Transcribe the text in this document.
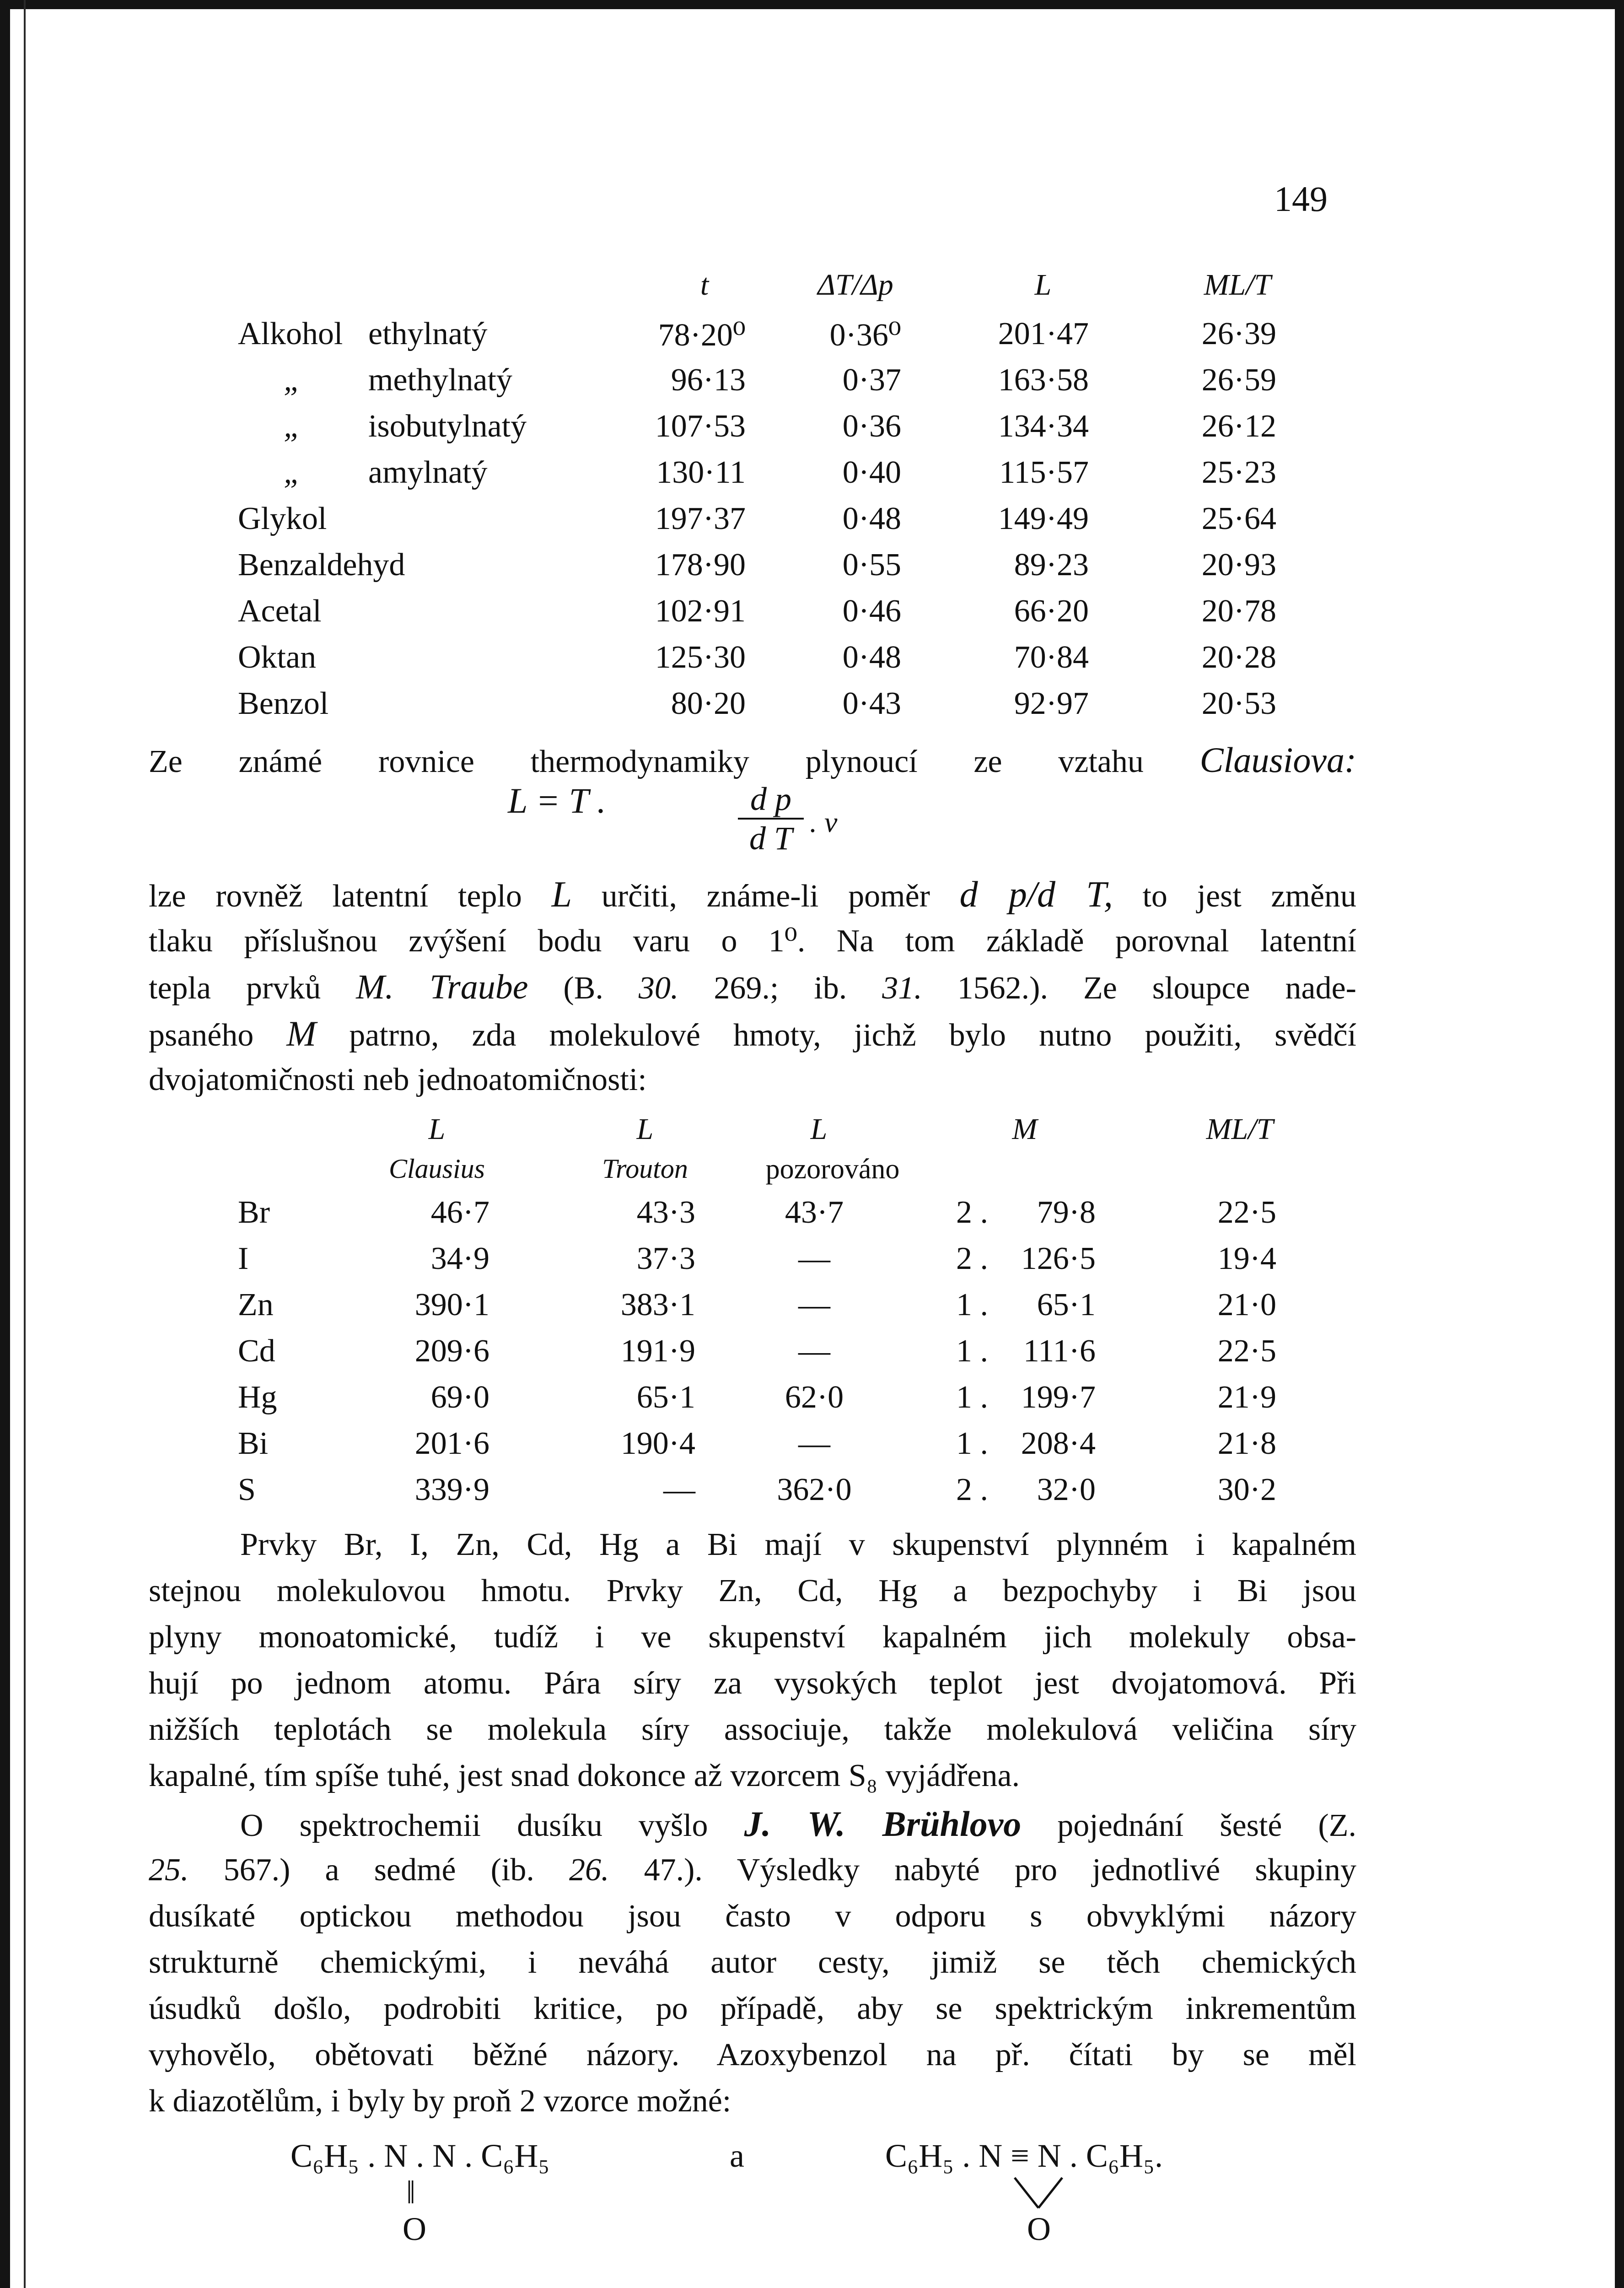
149
t	ΔT/Δp	L	ML/T
Alkohol ethylnatý	78·20⁰	0·36⁰	201·47	26·39
„	methylnatý	96·13	0·37	163·58	26·59
„	isobutylnatý	107·53	0·36	134·34	26·12
„	amylnatý	130·11	0·40	115·57	25·23
Glykol	197·37	0·48	149·49	25·64
Benzaldehyd	178·90	0·55	89·23	20·93
Acetal	102·91	0·46	66·20	20·78
Oktan	125·30	0·48	70·84	20·28
Benzol	80·20	0·43	92·97	20·53
Ze známé rovnice thermodynamiky plynoucí ze vztahu Clausiova:
L = T .	d p
d T . v
lze rovněž latentní teplo L určiti, známe-li poměr d p/d T, to jest změnu
tlaku příslušnou zvýšení bodu varu o 1⁰. Na tom základě porovnal latentní
tepla prvků M. Traube (B. 30. 269.; ib. 31. 1562.). Ze sloupce nade-
psaného M patrno, zda molekulové hmoty, jichž bylo nutno použiti, svědčí
dvojatomičnosti neb jednoatomičnosti:
L	L	L	M	ML/T
Clausius	Trouton	pozorováno
Br	46·7	43·3	43·7	2 .	79·8	22·5
I	34·9	37·3	—	2 .	126·5	19·4
Zn	390·1	383·1	—	1 .	65·1	21·0
Cd	209·6	191·9	—	1 .	111·6	22·5
Hg	69·0	65·1	62·0	1 .	199·7	21·9
Bi	201·6	190·4	—	1 .	208·4	21·8
S	339·9	—	362·0	2 .	32·0	30·2
Prvky Br, I, Zn, Cd, Hg a Bi mají v skupenství plynném i kapalném
stejnou molekulovou hmotu. Prvky Zn, Cd, Hg a bezpochyby i Bi jsou
plyny monoatomické, tudíž i ve skupenství kapalném jich molekuly obsa-
hují po jednom atomu. Pára síry za vysokých teplot jest dvojatomová. Při
nižších teplotách se molekula síry associuje, takže molekulová veličina síry
kapalné, tím spíše tuhé, jest snad dokonce až vzorcem S₈ vyjádřena.
O spektrochemii dusíku vyšlo J. W. Brühlovo pojednání šesté (Z.
25. 567.) a sedmé (ib. 26. 47.). Výsledky nabyté pro jednotlivé skupiny
dusíkaté optickou methodou jsou často v odporu s obvyklými názory
strukturně chemickými, i neváhá autor cesty, jimiž se těch chemických
úsudků došlo, podrobiti kritice, po případě, aby se spektrickým inkrementům
vyhovělo, obětovati běžné názory. Azoxybenzol na př. čítati by se měl
k diazotělům, i byly by proň 2 vzorce možné:
C₆H₅ . N . N . C₆H₅
‖
O
a	C₆H₅ . N ≡ N . C₆H₅.
O
